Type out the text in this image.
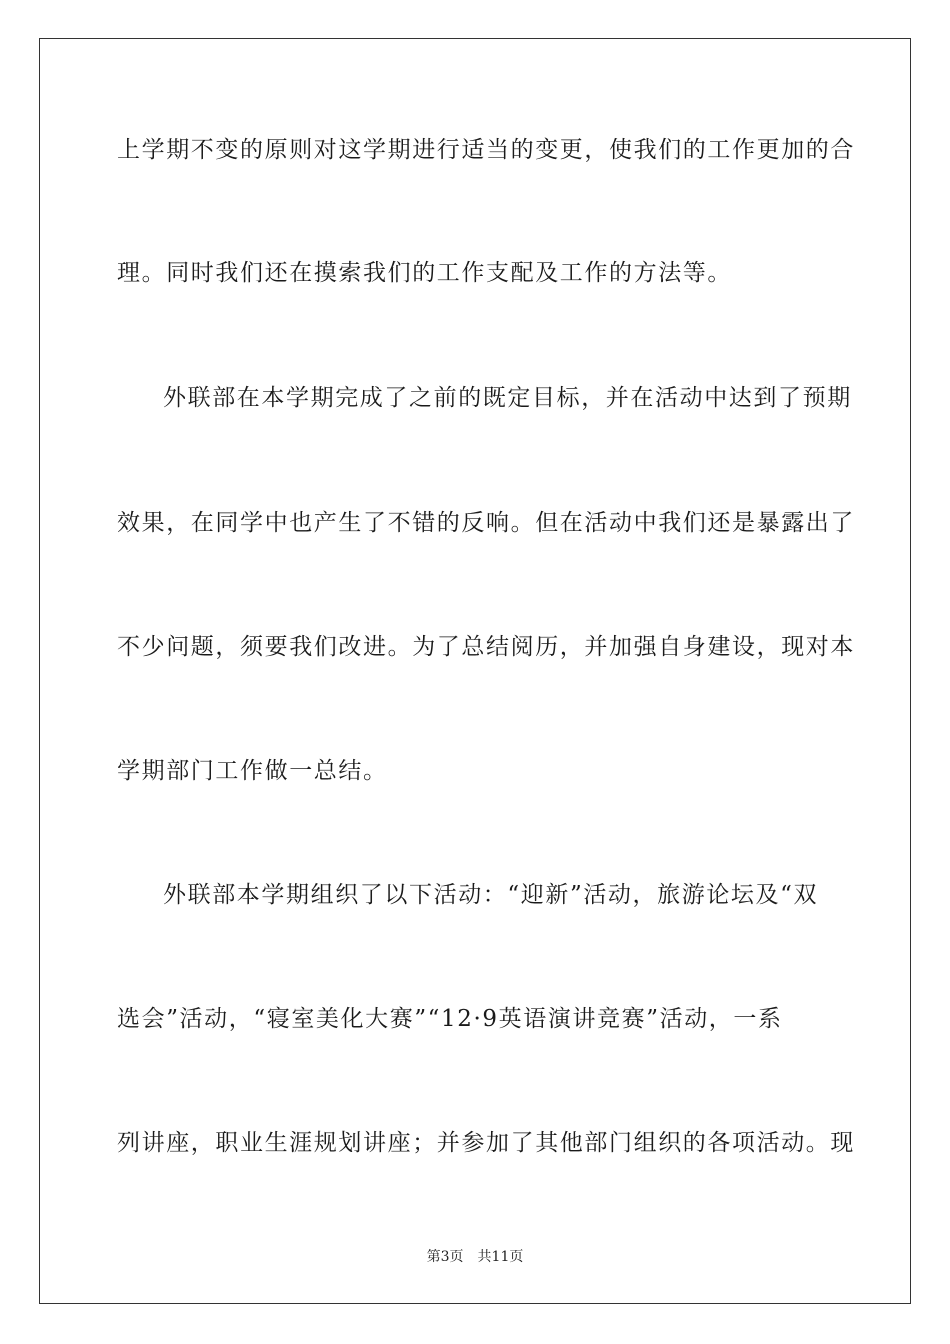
上学期不变的原则对这学期进行适当的变更，使我们的工作更加的合
理。同时我们还在摸索我们的工作支配及工作的方法等。
外联部在本学期完成了之前的既定目标，并在活动中达到了预期
效果，在同学中也产生了不错的反响。但在活动中我们还是暴露出了
不少问题，须要我们改进。为了总结阅历，并加强自身建设，现对本
学期部门工作做一总结。
外联部本学期组织了以下活动：“迎新”活动，旅游论坛及“双
选会”活动，“寝室美化大赛”“12·9英语演讲竞赛”活动，一系
列讲座，职业生涯规划讲座；并参加了其他部门组织的各项活动。现
第3页 共11页
